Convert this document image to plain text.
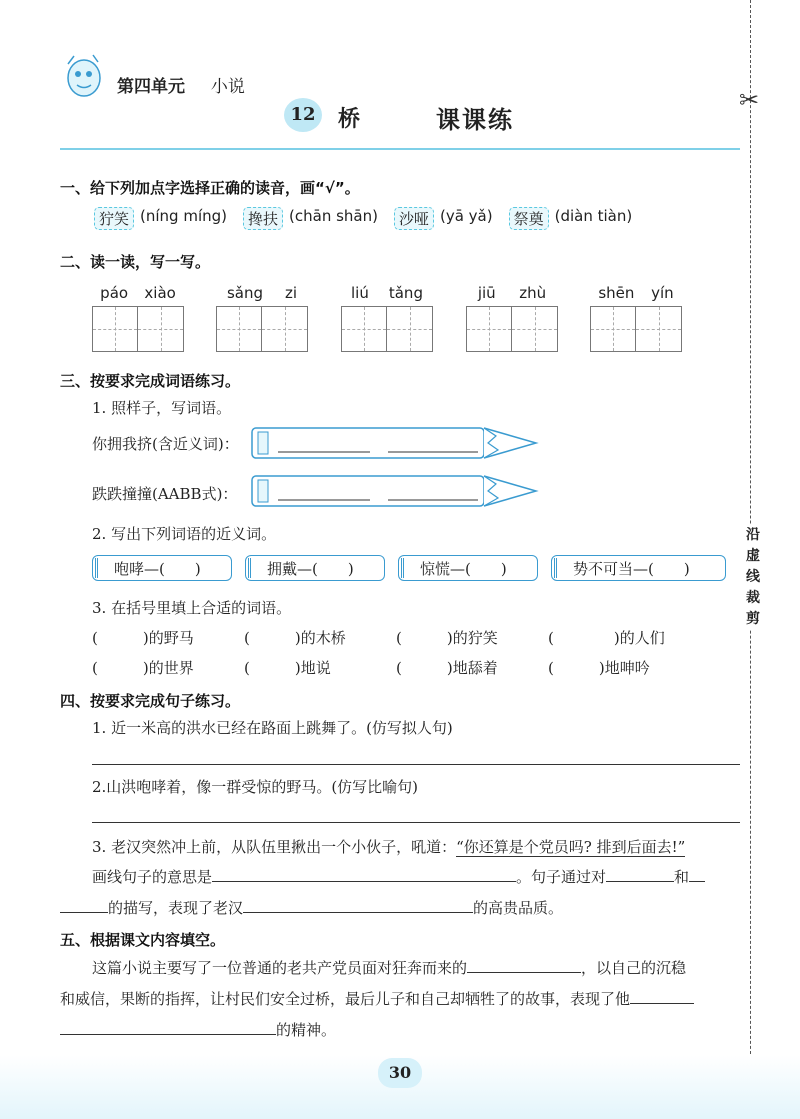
第四单元 小说
12 桥	课课练
✂
沿
虚
线
裁
剪
一、给下列加点字选择正确的读音，画“√”。
狞笑 (níng míng)	搀扶 (chān shān)	沙哑 (yā yǎ)	祭奠 (diàn tiàn)
二、读一读，写一写。
páo xiào	sǎng zi	liú tǎng	jiū zhù	shēn yín
三、按要求完成词语练习。
1. 照样子，写词语。
你拥我挤(含近义词)：
跌跌撞撞(AABB式)：
2. 写出下列词语的近义词。
咆哮—(　　)	拥戴—(　　)	惊慌—(　　)	势不可当—(　　)
3. 在括号里填上合适的词语。
(　　　)的野马	(　　　)的木桥	(　　　)的狞笑	(　　　　)的人们
(　　　)的世界	(　　　)地说	(　　　)地舔着	(　　　)地呻吟
四、按要求完成句子练习。
1. 近一米高的洪水已经在路面上跳舞了。(仿写拟人句)
2.山洪咆哮着，像一群受惊的野马。(仿写比喻句)
3. 老汉突然冲上前，从队伍里揪出一个小伙子，吼道：“你还算是个党员吗? 排到后面去!”
画线句子的意思是	。句子通过对	和
的描写，表现了老汉	的高贵品质。
五、根据课文内容填空。
这篇小说主要写了一位普通的老共产党员面对狂奔而来的	，以自己的沉稳
和威信，果断的指挥，让村民们安全过桥，最后儿子和自己却牺牲了的故事，表现了他
的精神。
30
